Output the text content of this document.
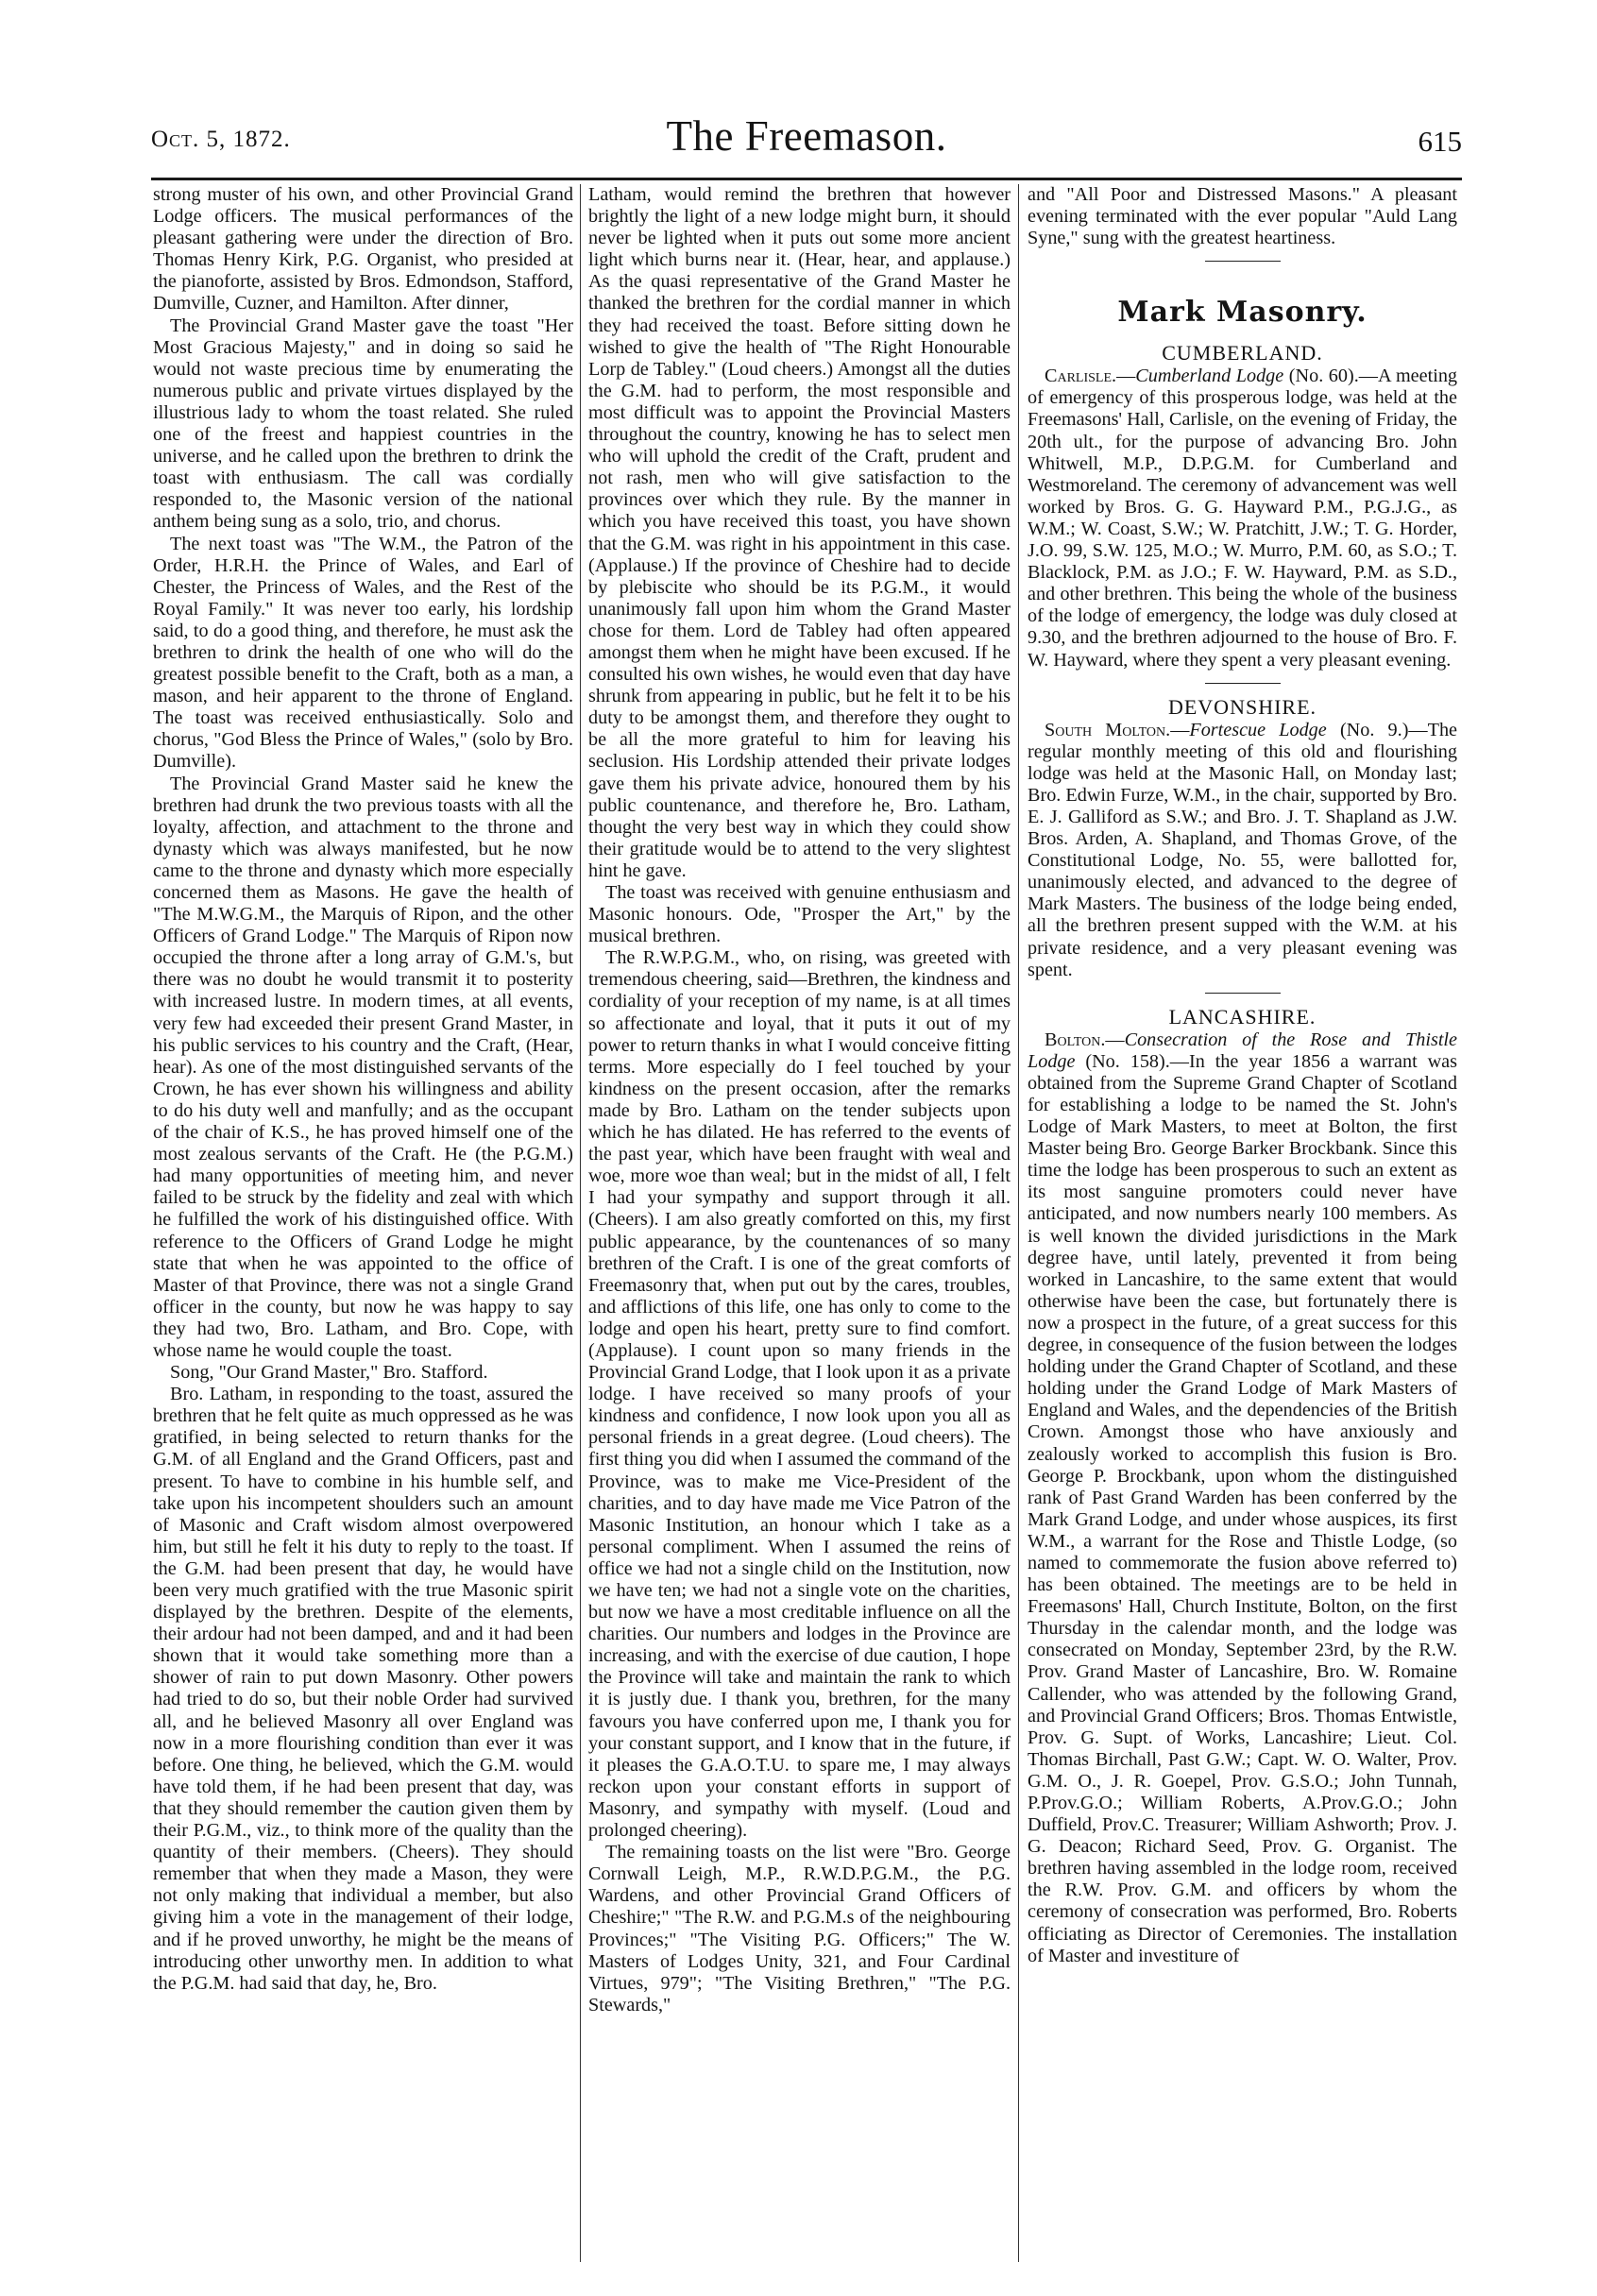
Oct. 5, 1872.	The Freemason.	615

strong muster of his own, and other Provincial Grand Lodge officers. The musical performances of the pleasant gathering were under the direction of Bro. Thomas Henry Kirk, P.G. Organist, who presided at the pianoforte, assisted by Bros. Edmondson, Stafford, Dumville, Cuzner, and Hamilton. After dinner,

The Provincial Grand Master gave the toast "Her Most Gracious Majesty," and in doing so said he would not waste precious time by enumerating the numerous public and private virtues displayed by the illustrious lady to whom the toast related. She ruled one of the freest and happiest countries in the universe, and he called upon the brethren to drink the toast with enthusiasm. The call was cordially responded to, the Masonic version of the national anthem being sung as a solo, trio, and chorus.

The next toast was "The W.M., the Patron of the Order, H.R.H. the Prince of Wales, and Earl of Chester, the Princess of Wales, and the Rest of the Royal Family." It was never too early, his lordship said, to do a good thing, and therefore, he must ask the brethren to drink the health of one who will do the greatest possible benefit to the Craft, both as a man, a mason, and heir apparent to the throne of England. The toast was received enthusiastically. Solo and chorus, "God Bless the Prince of Wales," (solo by Bro. Dumville).

The Provincial Grand Master said he knew the brethren had drunk the two previous toasts with all the loyalty, affection, and attachment to the throne and dynasty which was always manifested, but he now came to the throne and dynasty which more especially concerned them as Masons. He gave the health of "The M.W.G.M., the Marquis of Ripon, and the other Officers of Grand Lodge." The Marquis of Ripon now occupied the throne after a long array of G.M.'s, but there was no doubt he would transmit it to posterity with increased lustre. In modern times, at all events, very few had exceeded their present Grand Master, in his public services to his country and the Craft, (Hear, hear). As one of the most distinguished servants of the Crown, he has ever shown his willingness and ability to do his duty well and manfully; and as the occupant of the chair of K.S., he has proved himself one of the most zealous servants of the Craft. He (the P.G.M.) had many opportunities of meeting him, and never failed to be struck by the fidelity and zeal with which he fulfilled the work of his distinguished office. With reference to the Officers of Grand Lodge he might state that when he was appointed to the office of Master of that Province, there was not a single Grand officer in the county, but now he was happy to say they had two, Bro. Latham, and Bro. Cope, with whose name he would couple the toast.

Song, "Our Grand Master," Bro. Stafford.

Bro. Latham, in responding to the toast, assured the brethren that he felt quite as much oppressed as he was gratified, in being selected to return thanks for the G.M. of all England and the Grand Officers, past and present. To have to combine in his humble self, and take upon his incompetent shoulders such an amount of Masonic and Craft wisdom almost overpowered him, but still he felt it his duty to reply to the toast. If the G.M. had been present that day, he would have been very much gratified with the true Masonic spirit displayed by the brethren. Despite of the elements, their ardour had not been damped, and and it had been shown that it would take something more than a shower of rain to put down Masonry. Other powers had tried to do so, but their noble Order had survived all, and he believed Masonry all over England was now in a more flourishing condition than ever it was before. One thing, he believed, which the G.M. would have told them, if he had been present that day, was that they should remember the caution given them by their P.G.M., viz., to think more of the quality than the quantity of their members. (Cheers). They should remember that when they made a Mason, they were not only making that individual a member, but also giving him a vote in the management of their lodge, and if he proved unworthy, he might be the means of introducing other unworthy men. In addition to what the P.G.M. had said that day, he, Bro.

Latham, would remind the brethren that however brightly the light of a new lodge might burn, it should never be lighted when it puts out some more ancient light which burns near it. (Hear, hear, and applause.) As the quasi representative of the Grand Master he thanked the brethren for the cordial manner in which they had received the toast. Before sitting down he wished to give the health of "The Right Honourable Lorp de Tabley." (Loud cheers.) Amongst all the duties the G.M. had to perform, the most responsible and most difficult was to appoint the Provincial Masters throughout the country, knowing he has to select men who will uphold the credit of the Craft, prudent and not rash, men who will give satisfaction to the provinces over which they rule. By the manner in which you have received this toast, you have shown that the G.M. was right in his appointment in this case. (Applause.) If the province of Cheshire had to decide by plebiscite who should be its P.G.M., it would unanimously fall upon him whom the Grand Master chose for them. Lord de Tabley had often appeared amongst them when he might have been excused. If he consulted his own wishes, he would even that day have shrunk from appearing in public, but he felt it to be his duty to be amongst them, and therefore they ought to be all the more grateful to him for leaving his seclusion. His Lordship attended their private lodges gave them his private advice, honoured them by his public countenance, and therefore he, Bro. Latham, thought the very best way in which they could show their gratitude would be to attend to the very slightest hint he gave.

The toast was received with genuine enthusiasm and Masonic honours. Ode, "Prosper the Art," by the musical brethren.

The R.W.P.G.M., who, on rising, was greeted with tremendous cheering, said—Brethren, the kindness and cordiality of your reception of my name, is at all times so affectionate and loyal, that it puts it out of my power to return thanks in what I would conceive fitting terms. More especially do I feel touched by your kindness on the present occasion, after the remarks made by Bro. Latham on the tender subjects upon which he has dilated. He has referred to the events of the past year, which have been fraught with weal and woe, more woe than weal; but in the midst of all, I felt I had your sympathy and support through it all. (Cheers). I am also greatly comforted on this, my first public appearance, by the countenances of so many brethren of the Craft. I is one of the great comforts of Freemasonry that, when put out by the cares, troubles, and afflictions of this life, one has only to come to the lodge and open his heart, pretty sure to find comfort. (Applause). I count upon so many friends in the Provincial Grand Lodge, that I look upon it as a private lodge. I have received so many proofs of your kindness and confidence, I now look upon you all as personal friends in a great degree. (Loud cheers). The first thing you did when I assumed the command of the Province, was to make me Vice-President of the charities, and to day have made me Vice Patron of the Masonic Institution, an honour which I take as a personal compliment. When I assumed the reins of office we had not a single child on the Institution, now we have ten; we had not a single vote on the charities, but now we have a most creditable influence on all the charities. Our numbers and lodges in the Province are increasing, and with the exercise of due caution, I hope the Province will take and maintain the rank to which it is justly due. I thank you, brethren, for the many favours you have conferred upon me, I thank you for your constant support, and I know that in the future, if it pleases the G.A.O.T.U. to spare me, I may always reckon upon your constant efforts in support of Masonry, and sympathy with myself. (Loud and prolonged cheering).

The remaining toasts on the list were "Bro. George Cornwall Leigh, M.P., R.W.D.P.G.M., the P.G. Wardens, and other Provincial Grand Officers of Cheshire;" "The R.W. and P.G.M.s of the neighbouring Provinces;" "The Visiting P.G. Officers;" The W. Masters of Lodges Unity, 321, and Four Cardinal Virtues, 979"; "The Visiting Brethren," "The P.G. Stewards,"

and "All Poor and Distressed Masons." A pleasant evening terminated with the ever popular "Auld Lang Syne," sung with the greatest heartiness.

Mark Masonry.
CUMBERLAND.

Carlisle.—Cumberland Lodge (No. 60).—A meeting of emergency of this prosperous lodge, was held at the Freemasons' Hall, Carlisle, on the evening of Friday, the 20th ult., for the purpose of advancing Bro. John Whitwell, M.P., D.P.G.M. for Cumberland and Westmoreland. The ceremony of advancement was well worked by Bros. G. G. Hayward P.M., P.G.J.G., as W.M.; W. Coast, S.W.; W. Pratchitt, J.W.; T. G. Horder, J.O. 99, S.W. 125, M.O.; W. Murro, P.M. 60, as S.O.; T. Blacklock, P.M. as J.O.; F. W. Hayward, P.M. as S.D., and other brethren. This being the whole of the business of the lodge of emergency, the lodge was duly closed at 9.30, and the brethren adjourned to the house of Bro. F. W. Hayward, where they spent a very pleasant evening.

DEVONSHIRE.

South Molton.—Fortescue Lodge (No. 9.)—The regular monthly meeting of this old and flourishing lodge was held at the Masonic Hall, on Monday last; Bro. Edwin Furze, W.M., in the chair, supported by Bro. E. J. Galliford as S.W.; and Bro. J. T. Shapland as J.W. Bros. Arden, A. Shapland, and Thomas Grove, of the Constitutional Lodge, No. 55, were ballotted for, unanimously elected, and advanced to the degree of Mark Masters. The business of the lodge being ended, all the brethren present supped with the W.M. at his private residence, and a very pleasant evening was spent.

LANCASHIRE.

Bolton.—Consecration of the Rose and Thistle Lodge (No. 158).—In the year 1856 a warrant was obtained from the Supreme Grand Chapter of Scotland for establishing a lodge to be named the St. John's Lodge of Mark Masters, to meet at Bolton, the first Master being Bro. George Barker Brockbank. Since this time the lodge has been prosperous to such an extent as its most sanguine promoters could never have anticipated, and now numbers nearly 100 members. As is well known the divided jurisdictions in the Mark degree have, until lately, prevented it from being worked in Lancashire, to the same extent that would otherwise have been the case, but fortunately there is now a prospect in the future, of a great success for this degree, in consequence of the fusion between the lodges holding under the Grand Chapter of Scotland, and these holding under the Grand Lodge of Mark Masters of England and Wales, and the dependencies of the British Crown. Amongst those who have anxiously and zealously worked to accomplish this fusion is Bro. George P. Brockbank, upon whom the distinguished rank of Past Grand Warden has been conferred by the Mark Grand Lodge, and under whose auspices, its first W.M., a warrant for the Rose and Thistle Lodge, (so named to commemorate the fusion above referred to) has been obtained. The meetings are to be held in Freemasons' Hall, Church Institute, Bolton, on the first Thursday in the calendar month, and the lodge was consecrated on Monday, September 23rd, by the R.W. Prov. Grand Master of Lancashire, Bro. W. Romaine Callender, who was attended by the following Grand, and Provincial Grand Officers; Bros. Thomas Entwistle, Prov. G. Supt. of Works, Lancashire; Lieut. Col. Thomas Birchall, Past G.W.; Capt. W. O. Walter, Prov. G.M. O., J. R. Goepel, Prov. G.S.O.; John Tunnah, P.Prov.G.O.; William Roberts, A.Prov.G.O.; John Duffield, Prov.C. Treasurer; William Ashworth; Prov. J. G. Deacon; Richard Seed, Prov. G. Organist. The brethren having assembled in the lodge room, received the R.W. Prov. G.M. and officers by whom the ceremony of consecration was performed, Bro. Roberts officiating as Director of Ceremonies. The installation of Master and investiture of
